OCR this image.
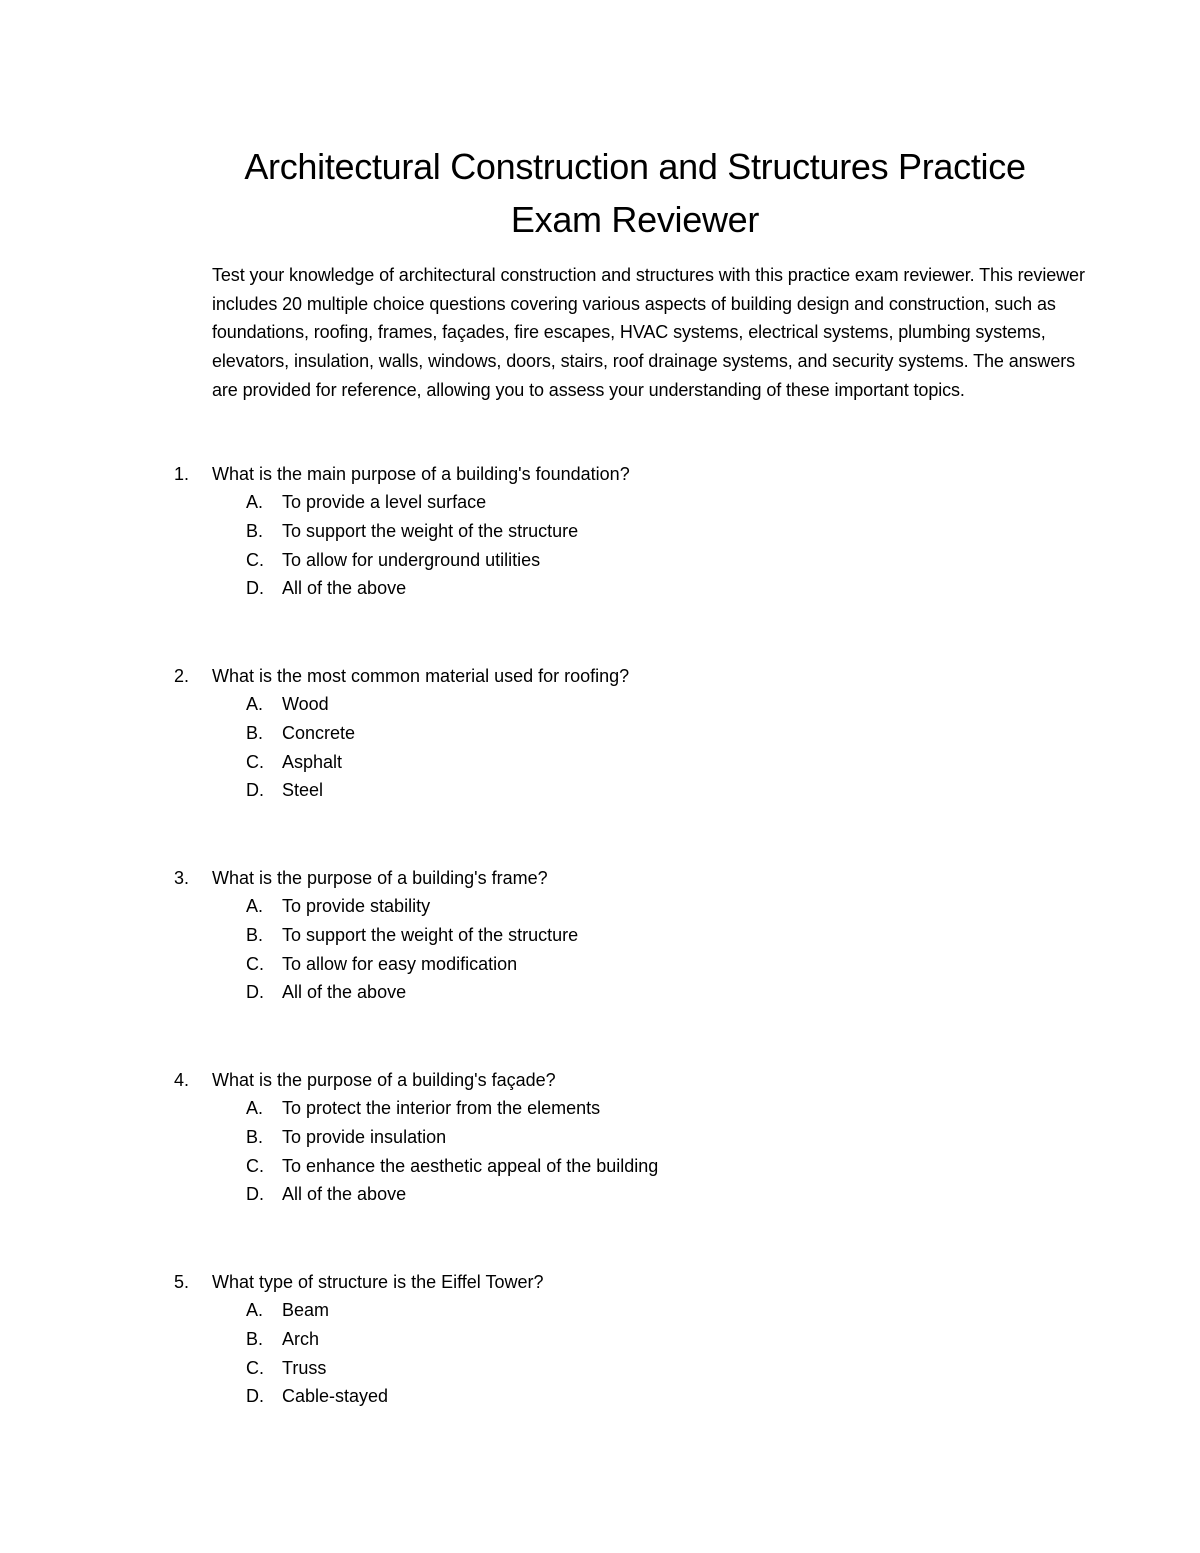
Architectural Construction and Structures Practice
Exam Reviewer

Test your knowledge of architectural construction and structures with this practice exam reviewer. This reviewer includes 20 multiple choice questions covering various aspects of building design and construction, such as foundations, roofing, frames, façades, fire escapes, HVAC systems, electrical systems, plumbing systems, elevators, insulation, walls, windows, doors, stairs, roof drainage systems, and security systems. The answers are provided for reference, allowing you to assess your understanding of these important topics.

1. What is the main purpose of a building's foundation?
A. To provide a level surface
B. To support the weight of the structure
C. To allow for underground utilities
D. All of the above
2. What is the most common material used for roofing?
A. Wood
B. Concrete
C. Asphalt
D. Steel
3. What is the purpose of a building's frame?
A. To provide stability
B. To support the weight of the structure
C. To allow for easy modification
D. All of the above
4. What is the purpose of a building's façade?
A. To protect the interior from the elements
B. To provide insulation
C. To enhance the aesthetic appeal of the building
D. All of the above
5. What type of structure is the Eiffel Tower?
A. Beam
B. Arch
C. Truss
D. Cable-stayed
